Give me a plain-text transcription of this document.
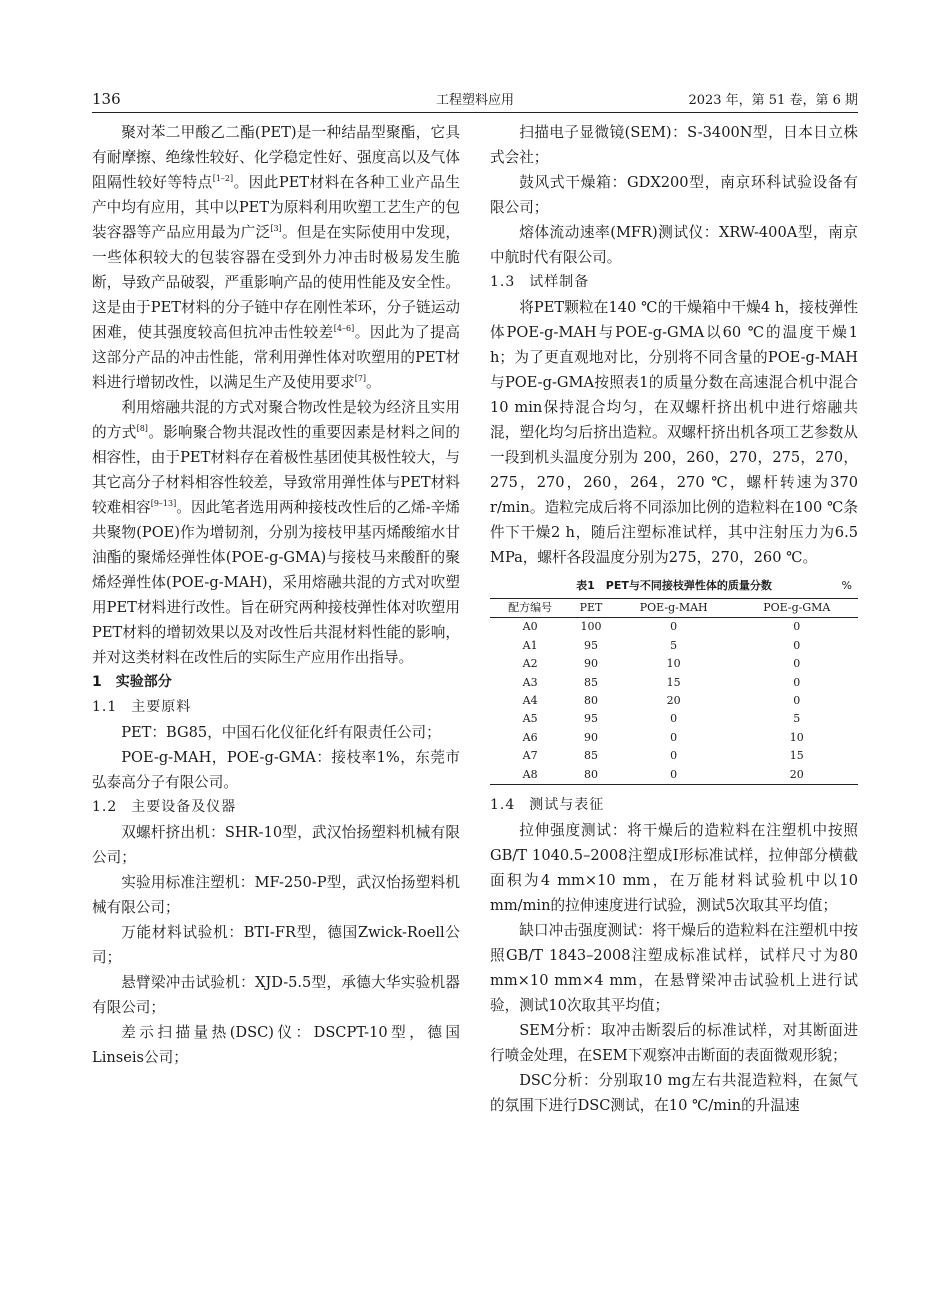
136	工程塑料应用	2023 年，第 51 卷，第 6 期

聚对苯二甲酸乙二酯(PET)是一种结晶型聚酯，它具有耐摩擦、绝缘性较好、化学稳定性好、强度高以及气体阻隔性较好等特点[1–2]。因此PET材料在各种工业产品生产中均有应用，其中以PET为原料利用吹塑工艺生产的包装容器等产品应用最为广泛[3]。但是在实际使用中发现，一些体积较大的包装容器在受到外力冲击时极易发生脆断，导致产品破裂，严重影响产品的使用性能及安全性。这是由于PET材料的分子链中存在刚性苯环，分子链运动困难，使其强度较高但抗冲击性较差[4–6]。因此为了提高这部分产品的冲击性能，常利用弹性体对吹塑用的PET材料进行增韧改性，以满足生产及使用要求[7]。

利用熔融共混的方式对聚合物改性是较为经济且实用的方式[8]。影响聚合物共混改性的重要因素是材料之间的相容性，由于PET材料存在着极性基团使其极性较大，与其它高分子材料相容性较差，导致常用弹性体与PET材料较难相容[9–13]。因此笔者选用两种接枝改性后的乙烯-辛烯共聚物(POE)作为增韧剂，分别为接枝甲基丙烯酸缩水甘油酯的聚烯烃弹性体(POE-g-GMA)与接枝马来酸酐的聚烯烃弹性体(POE-g-MAH)，采用熔融共混的方式对吹塑用PET材料进行改性。旨在研究两种接枝弹性体对吹塑用PET材料的增韧效果以及对改性后共混材料性能的影响，并对这类材料在改性后的实际生产应用作出指导。

1　实验部分
1.1 主要原料

PET：BG85，中国石化仪征化纤有限责任公司；

POE-g-MAH，POE-g-GMA：接枝率1%，东莞市弘泰高分子有限公司。

1.2 主要设备及仪器

双螺杆挤出机：SHR-10型，武汉怡扬塑料机械有限公司；

实验用标准注塑机：MF-250-P型，武汉怡扬塑料机械有限公司；

万能材料试验机：BTI-FR型，德国Zwick-Roell公司；

悬臂梁冲击试验机：XJD-5.5型，承德大华实验机器有限公司；

差示扫描量热(DSC)仪：DSCPT-10型，德国Linseis公司；

扫描电子显微镜(SEM)：S-3400N型，日本日立株式会社；

鼓风式干燥箱：GDX200型，南京环科试验设备有限公司；

熔体流动速率(MFR)测试仪：XRW-400A型，南京中航时代有限公司。

1.3 试样制备

将PET颗粒在140 ℃的干燥箱中干燥4 h，接枝弹性体POE-g-MAH与POE-g-GMA以60 ℃的温度干燥1 h；为了更直观地对比，分别将不同含量的POE-g-MAH与POE-g-GMA按照表1的质量分数在高速混合机中混合10 min保持混合均匀，在双螺杆挤出机中进行熔融共混，塑化均匀后挤出造粒。双螺杆挤出机各项工艺参数从一段到机头温度分别为 200，260，270，275，270，275，270，260，264，270 ℃，螺杆转速为370 r/min。造粒完成后将不同添加比例的造粒料在100 ℃条件下干燥2 h，随后注塑标准试样，其中注射压力为6.5 MPa，螺杆各段温度分别为275，270，260 ℃。

表1　PET与不同接枝弹性体的质量分数	%
配方编号	PET	POE-g-MAH	POE-g-GMA
A0	100	0	0
A1	95	5	0
A2	90	10	0
A3	85	15	0
A4	80	20	0
A5	95	0	5
A6	90	0	10
A7	85	0	15
A8	80	0	20
1.4 测试与表征

拉伸强度测试：将干燥后的造粒料在注塑机中按照GB/T 1040.5–2008注塑成Ⅰ形标准试样，拉伸部分横截面积为4 mm×10 mm，在万能材料试验机中以10 mm/min的拉伸速度进行试验，测试5次取其平均值；

缺口冲击强度测试：将干燥后的造粒料在注塑机中按照GB/T 1843–2008注塑成标准试样，试样尺寸为80 mm×10 mm×4 mm，在悬臂梁冲击试验机上进行试验，测试10次取其平均值；

SEM分析：取冲击断裂后的标准试样，对其断面进行喷金处理，在SEM下观察冲击断面的表面微观形貌；

DSC分析：分别取10 mg左右共混造粒料，在氮气的氛围下进行DSC测试，在10 ℃/min的升温速
